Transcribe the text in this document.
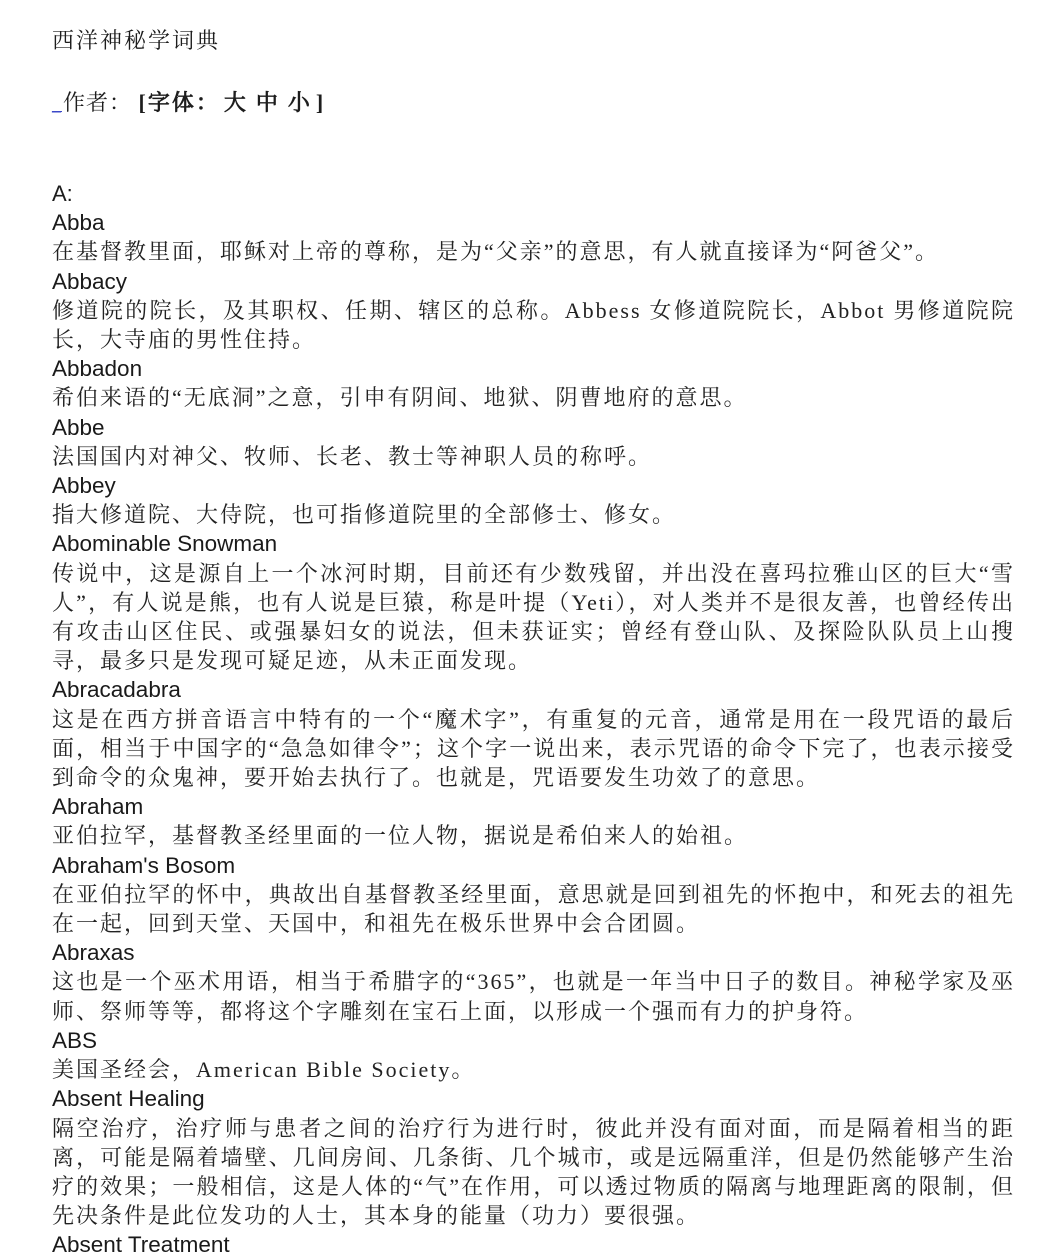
西洋神秘学词典
_作者： [字体： 大 中 小 ]
A:
Abba

在基督教里面，耶稣对上帝的尊称，是为“父亲”的意思，有人就直接译为“阿爸父”。

Abbacy

修道院的院长，及其职权、任期、辖区的总称。Abbess 女修道院院长，Abbot 男修道院院长，大寺庙的男性住持。

Abbadon

希伯来语的“无底洞”之意，引申有阴间、地狱、阴曹地府的意思。

Abbe

法国国内对神父、牧师、长老、教士等神职人员的称呼。

Abbey

指大修道院、大侍院，也可指修道院里的全部修士、修女。

Abominable Snowman

传说中，这是源自上一个冰河时期，目前还有少数残留，并出没在喜玛拉雅山区的巨大“雪人”，有人说是熊，也有人说是巨猿，称是叶提（Yeti），对人类并不是很友善，也曾经传出有攻击山区住民、或强暴妇女的说法，但未获证实；曾经有登山队、及探险队队员上山搜寻，最多只是发现可疑足迹，从未正面发现。

Abracadabra

这是在西方拼音语言中特有的一个“魔术字”，有重复的元音，通常是用在一段咒语的最后面，相当于中国字的“急急如律令”；这个字一说出来，表示咒语的命令下完了，也表示接受到命令的众鬼神，要开始去执行了。也就是，咒语要发生功效了的意思。

Abraham

亚伯拉罕，基督教圣经里面的一位人物，据说是希伯来人的始祖。

Abraham's Bosom

在亚伯拉罕的怀中，典故出自基督教圣经里面，意思就是回到祖先的怀抱中，和死去的祖先在一起，回到天堂、天国中，和祖先在极乐世界中会合团圆。

Abraxas

这也是一个巫术用语，相当于希腊字的“365”，也就是一年当中日子的数目。神秘学家及巫师、祭师等等，都将这个字雕刻在宝石上面，以形成一个强而有力的护身符。

ABS

美国圣经会，American Bible Society。

Absent Healing

隔空治疗，治疗师与患者之间的治疗行为进行时，彼此并没有面对面，而是隔着相当的距离，可能是隔着墙壁、几间房间、几条街、几个城市，或是远隔重洋，但是仍然能够产生治疗的效果；一般相信，这是人体的“气”在作用，可以透过物质的隔离与地理距离的限制，但先决条件是此位发功的人士，其本身的能量（功力）要很强。

Absent Treatment
